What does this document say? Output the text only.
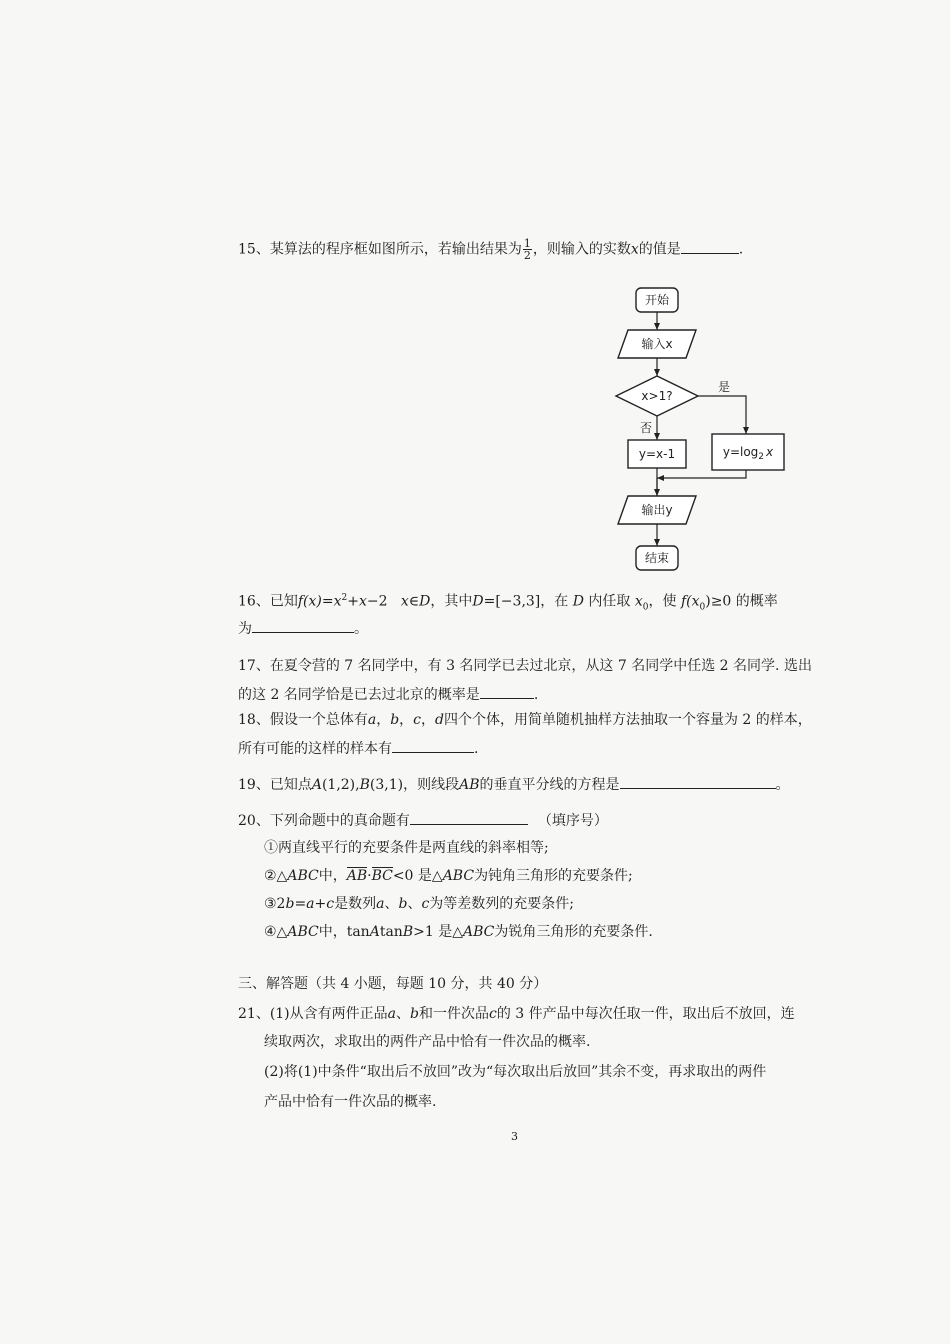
15、某算法的程序框如图所示，若输出结果为 $\frac{1}{2}$ ，则输入的实数x的值是	.
开始
输入x
x>1?
是
否
y=x-1	$y=\log_2$ x
输出y
结束
16、已知$f(x)=x^2+x-2$   x∈D，其中D=[−3,3]，在 D 内任取 $x_0$，使 $f(x_0)\ge 0$ 的概率
为	。
17、在夏令营的 7 名同学中，有 3 名同学已去过北京，从这 7 名同学中任选 2 名同学. 选出
的这 2 名同学恰是已去过北京的概率是	.
18、假设一个总体有a，b，c，d四个个体，用简单随机抽样方法抽取一个容量为 2 的样本，
所有可能的这样的样本有	.
19、已知点A(1,2),B(3,1)，则线段AB的垂直平分线的方程是	。
20、下列命题中的真命题有	（填序号）
①两直线平行的充要条件是两直线的斜率相等;
②△ABC中，AB·BC<0 是△ABC为钝角三角形的充要条件;
③2b=a+c是数列a、b、c为等差数列的充要条件;
④△ABC中，tanAtanB>1 是△ABC为锐角三角形的充要条件.
三、解答题（共 4 小题，每题 10 分，共 40 分）
21、(1)从含有两件正品a、b和一件次品c的 3 件产品中每次任取一件，取出后不放回，连
续取两次，求取出的两件产品中恰有一件次品的概率.
(2)将(1)中条件“取出后不放回”改为“每次取出后放回”其余不变，再求取出的两件
产品中恰有一件次品的概率.
3
